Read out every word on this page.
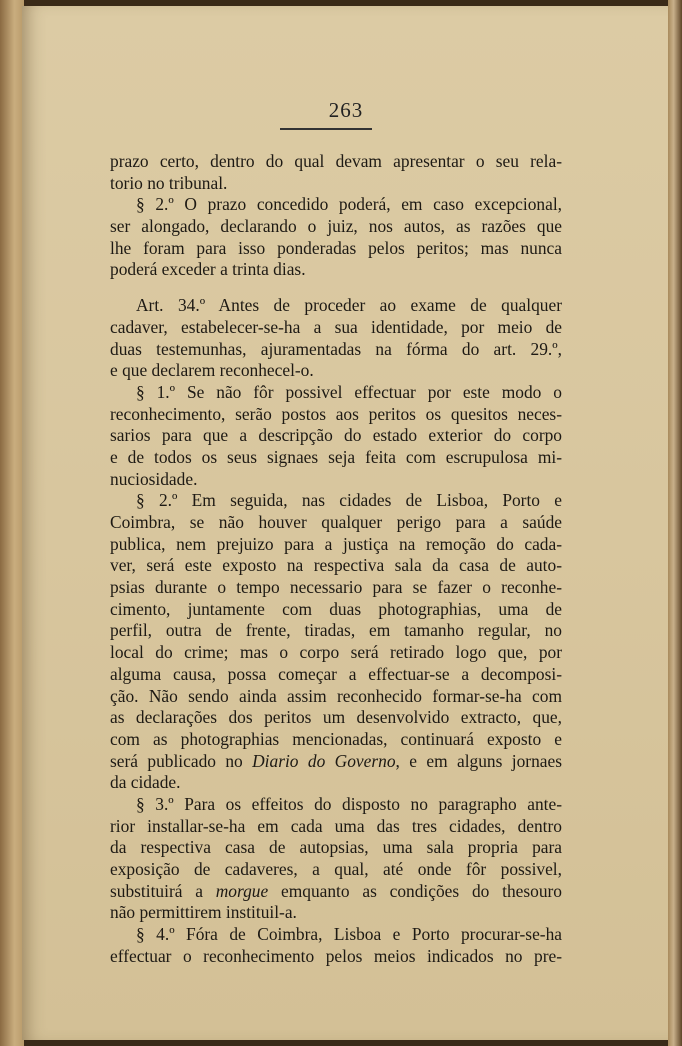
263
prazo certo, dentro do qual devam apresentar o seu rela-
torio no tribunal.
§ 2.º O prazo concedido poderá, em caso excepcional,
ser alongado, declarando o juiz, nos autos, as razões que
lhe foram para isso ponderadas pelos peritos; mas nunca
poderá exceder a trinta dias.
Art. 34.º Antes de proceder ao exame de qualquer
cadaver, estabelecer-se-ha a sua identidade, por meio de
duas testemunhas, ajuramentadas na fórma do art. 29.º,
e que declarem reconhecel-o.
§ 1.º Se não fôr possivel effectuar por este modo o
reconhecimento, serão postos aos peritos os quesitos neces-
sarios para que a descripção do estado exterior do corpo
e de todos os seus signaes seja feita com escrupulosa mi-
nuciosidade.
§ 2.º Em seguida, nas cidades de Lisboa, Porto e
Coimbra, se não houver qualquer perigo para a saúde
publica, nem prejuizo para a justiça na remoção do cada-
ver, será este exposto na respectiva sala da casa de auto-
psias durante o tempo necessario para se fazer o reconhe-
cimento, juntamente com duas photographias, uma de
perfil, outra de frente, tiradas, em tamanho regular, no
local do crime; mas o corpo será retirado logo que, por
alguma causa, possa começar a effectuar-se a decomposi-
ção. Não sendo ainda assim reconhecido formar-se-ha com
as declarações dos peritos um desenvolvido extracto, que,
com as photographias mencionadas, continuará exposto e
será publicado no Diario do Governo, e em alguns jornaes
da cidade.
§ 3.º Para os effeitos do disposto no paragrapho ante-
rior installar-se-ha em cada uma das tres cidades, dentro
da respectiva casa de autopsias, uma sala propria para
exposição de cadaveres, a qual, até onde fôr possivel,
substituirá a morgue emquanto as condições do thesouro
não permittirem instituil-a.
§ 4.º Fóra de Coimbra, Lisboa e Porto procurar-se-ha
effectuar o reconhecimento pelos meios indicados no pre-
